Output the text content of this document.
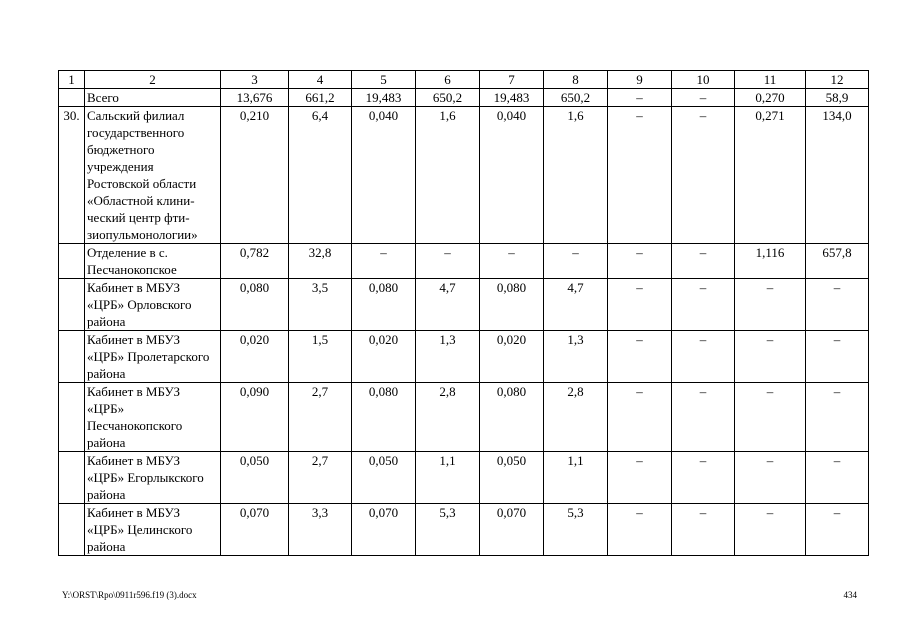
1	2	3	4	5	6	7	8	9	10	11	12
	Всего	13,676	661,2	19,483	650,2	19,483	650,2	–	–	0,270	58,9
30.	Сальский филиал государственного бюджетного учреждения Ростовской области «Областной клини-ческий центр фти-зиопульмонологии»	0,210	6,4	0,040	1,6	0,040	1,6	–	–	0,271	134,0
	Отделение в с. Песчанокопское	0,782	32,8	–	–	–	–	–	–	1,116	657,8
	Кабинет в МБУЗ «ЦРБ» Орловского района	0,080	3,5	0,080	4,7	0,080	4,7	–	–	–	–
	Кабинет в МБУЗ «ЦРБ» Пролетарского района	0,020	1,5	0,020	1,3	0,020	1,3	–	–	–	–
	Кабинет в МБУЗ «ЦРБ» Песчанокопского района	0,090	2,7	0,080	2,8	0,080	2,8	–	–	–	–
	Кабинет в МБУЗ «ЦРБ» Егорлыкского района	0,050	2,7	0,050	1,1	0,050	1,1	–	–	–	–
	Кабинет в МБУЗ «ЦРБ» Целинского района	0,070	3,3	0,070	5,3	0,070	5,3	–	–	–	–
Y:\ORST\Rpo\0911r596.f19 (3).docx	434
